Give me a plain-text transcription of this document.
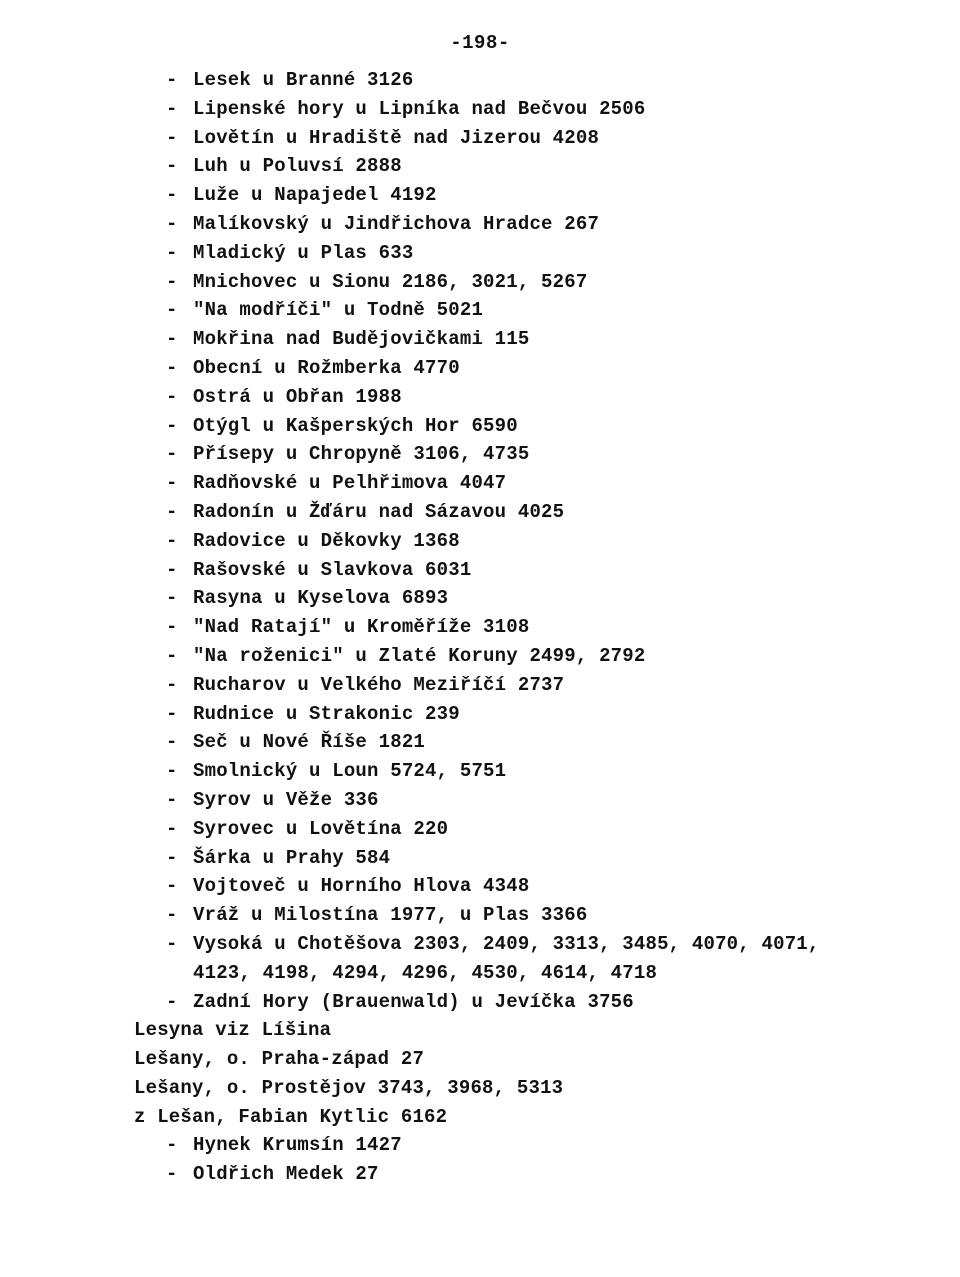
-198-
- Lesek u Branné 3126
- Lipenské hory u Lipníka nad Bečvou 2506
- Lovětín u Hradiště nad Jizerou 4208
- Luh u Poluvsí 2888
- Luže u Napajedel 4192
- Malíkovský u Jindřichova Hradce 267
- Mladický u Plas 633
- Mnichovec u Sionu 2186, 3021, 5267
- "Na modříči" u Todně 5021
- Mokřina nad Budějovičkami 115
- Obecní u Rožmberka 4770
- Ostrá u Obřan 1988
- Otýgl u Kašperských Hor 6590
- Přísepy u Chropyně 3106, 4735
- Radňovské u Pelhřimova 4047
- Radonín u Žďáru nad Sázavou 4025
- Radovice u Děkovky 1368
- Rašovské u Slavkova 6031
- Rasyna u Kyselova 6893
- "Nad Ratají" u Kroměříže 3108
- "Na roženici" u Zlaté Koruny 2499, 2792
- Rucharov u Velkého Meziříčí 2737
- Rudnice u Strakonic 239
- Seč u Nové Říše 1821
- Smolnický u Loun 5724, 5751
- Syrov u Věže 336
- Syrovec u Lovětína 220
- Šárka u Prahy 584
- Vojtoveč u Horního Hlova 4348
- Vráž u Milostína 1977, u Plas 3366
- Vysoká u Chotěšova 2303, 2409, 3313, 3485, 4070, 4071,
4123, 4198, 4294, 4296, 4530, 4614, 4718
- Zadní Hory (Brauenwald) u Jevíčka 3756
Lesyna viz Líšina
Lešany, o. Praha-západ 27
Lešany, o. Prostějov 3743, 3968, 5313
z Lešan, Fabian Kytlic 6162
- Hynek Krumsín 1427
- Oldřich Medek 27
